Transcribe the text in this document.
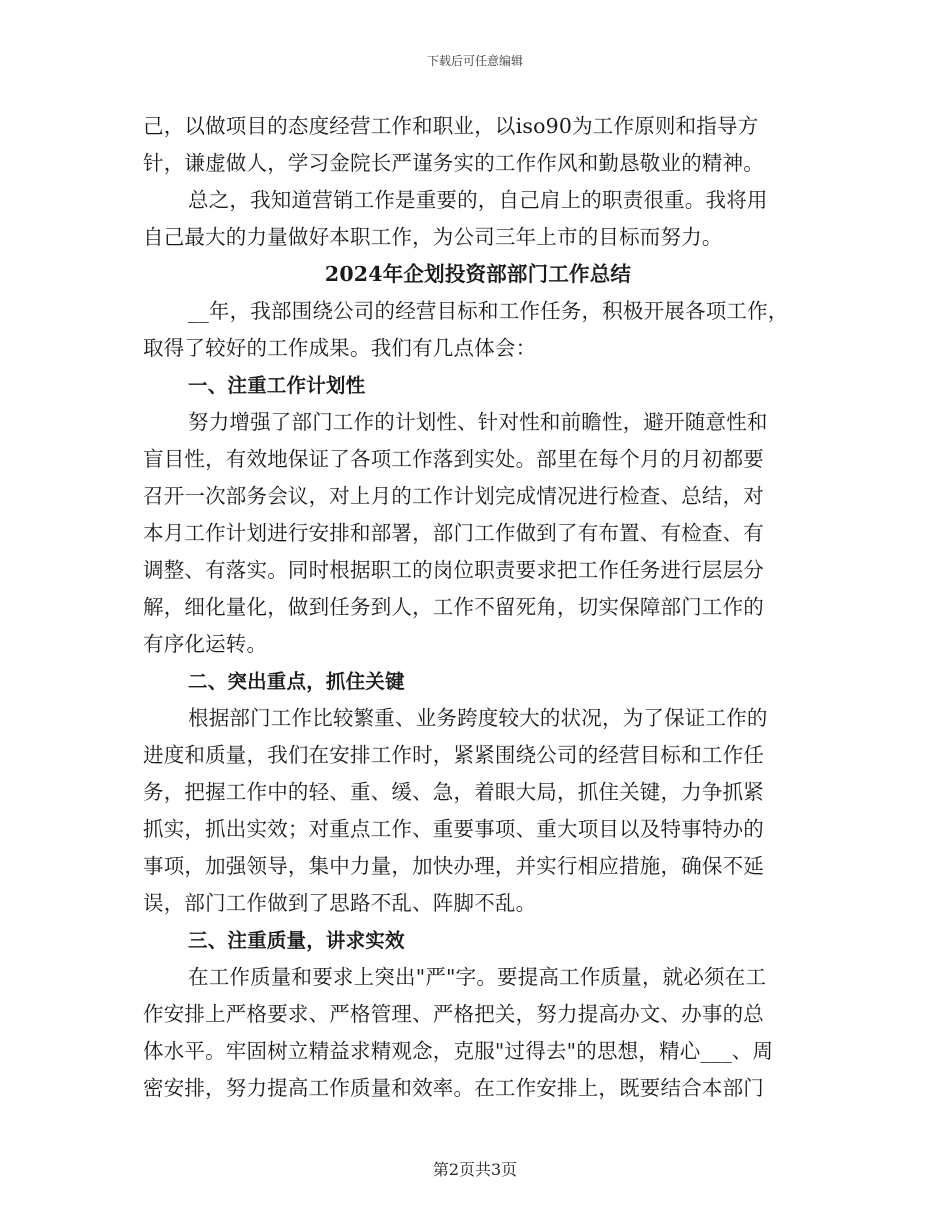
下载后可任意编辑
己，以做项目的态度经营工作和职业，以iso90为工作原则和指导方
针，谦虚做人，学习金院长严谨务实的工作作风和勤恳敬业的精神。
总之，我知道营销工作是重要的，自己肩上的职责很重。我将用
自己最大的力量做好本职工作，为公司三年上市的目标而努力。
2024年企划投资部部门工作总结
__年，我部围绕公司的经营目标和工作任务，积极开展各项工作，
取得了较好的工作成果。我们有几点体会：
一、注重工作计划性
努力增强了部门工作的计划性、针对性和前瞻性，避开随意性和
盲目性，有效地保证了各项工作落到实处。部里在每个月的月初都要
召开一次部务会议，对上月的工作计划完成情况进行检查、总结，对
本月工作计划进行安排和部署，部门工作做到了有布置、有检查、有
调整、有落实。同时根据职工的岗位职责要求把工作任务进行层层分
解，细化量化，做到任务到人，工作不留死角，切实保障部门工作的
有序化运转。
二、突出重点，抓住关键
根据部门工作比较繁重、业务跨度较大的状况，为了保证工作的
进度和质量，我们在安排工作时，紧紧围绕公司的经营目标和工作任
务，把握工作中的轻、重、缓、急，着眼大局，抓住关键，力争抓紧
抓实，抓出实效；对重点工作、重要事项、重大项目以及特事特办的
事项，加强领导，集中力量，加快办理，并实行相应措施，确保不延
误，部门工作做到了思路不乱、阵脚不乱。
三、注重质量，讲求实效
在工作质量和要求上突出"严"字。要提高工作质量，就必须在工
作安排上严格要求、严格管理、严格把关，努力提高办文、办事的总
体水平。牢固树立精益求精观念，克服"过得去"的思想，精心___、周
密安排，努力提高工作质量和效率。在工作安排上，既要结合本部门
第2页共3页
